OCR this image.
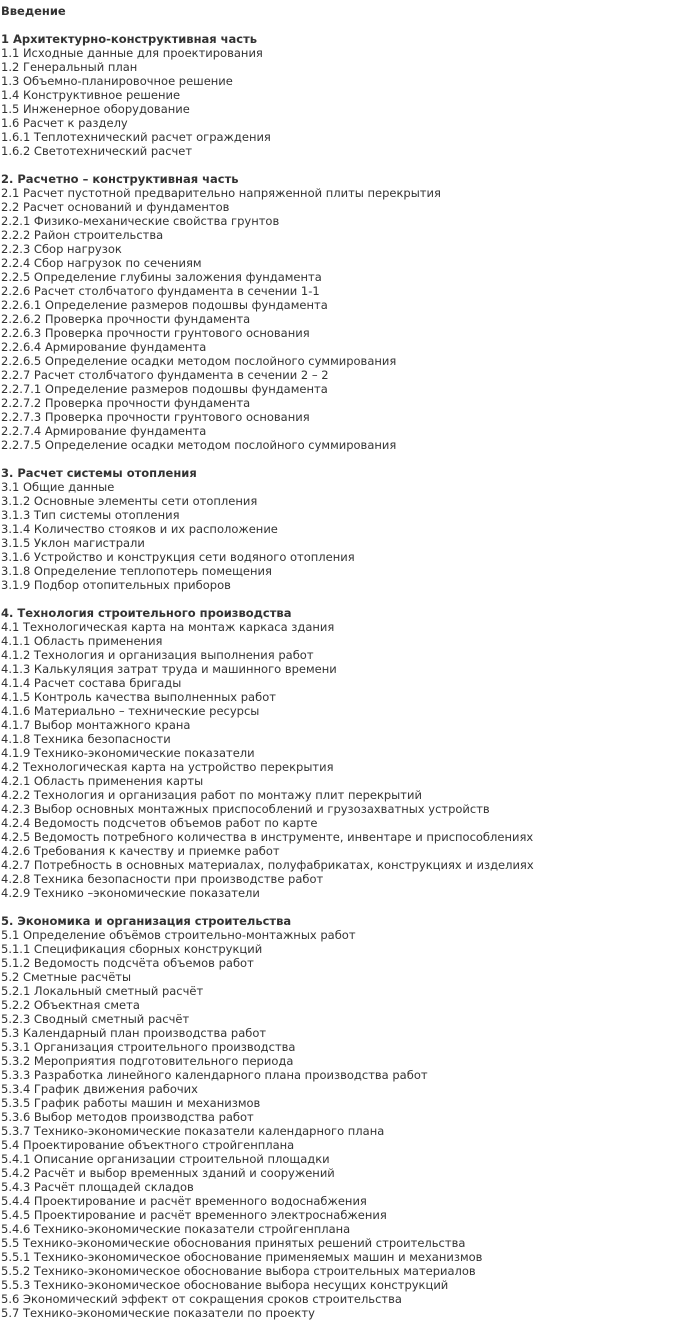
Введение
1 Архитектурно-конструктивная часть
1.1 Исходные данные для проектирования
1.2 Генеральный план
1.3 Объемно-планировочное решение
1.4 Конструктивное решение
1.5 Инженерное оборудование
1.6 Расчет к разделу
1.6.1 Теплотехнический расчет ограждения
1.6.2 Светотехнический расчет
2. Расчетно – конструктивная часть
2.1 Расчет пустотной предварительно напряженной плиты перекрытия
2.2 Расчет оснований и фундаментов
2.2.1 Физико-механические свойства грунтов
2.2.2 Район строительства
2.2.3 Сбор нагрузок
2.2.4 Сбор нагрузок по сечениям
2.2.5 Определение глубины заложения фундамента
2.2.6 Расчет столбчатого фундамента в сечении 1-1
2.2.6.1 Определение размеров подошвы фундамента
2.2.6.2 Проверка прочности фундамента
2.2.6.3 Проверка прочности грунтового основания
2.2.6.4 Армирование фундамента
2.2.6.5 Определение осадки методом послойного суммирования
2.2.7 Расчет столбчатого фундамента в сечении 2 – 2
2.2.7.1 Определение размеров подошвы фундамента
2.2.7.2 Проверка прочности фундамента
2.2.7.3 Проверка прочности грунтового основания
2.2.7.4 Армирование фундамента
2.2.7.5 Определение осадки методом послойного суммирования
3. Расчет системы отопления
3.1 Общие данные
3.1.2 Основные элементы сети отопления
3.1.3 Тип системы отопления
3.1.4 Количество стояков и их расположение
3.1.5 Уклон магистрали
3.1.6 Устройство и конструкция сети водяного отопления
3.1.8 Определение теплопотерь помещения
3.1.9 Подбор отопительных приборов
4. Технология строительного производства
4.1 Технологическая карта на монтаж каркаса здания
4.1.1 Область применения
4.1.2 Технология и организация выполнения работ
4.1.3 Калькуляция затрат труда и машинного времени
4.1.4 Расчет состава бригады
4.1.5 Контроль качества выполненных работ
4.1.6 Материально – технические ресурсы
4.1.7 Выбор монтажного крана
4.1.8 Техника безопасности
4.1.9 Технико-экономические показатели
4.2 Технологическая карта на устройство перекрытия
4.2.1 Область применения карты
4.2.2 Технология и организация работ по монтажу плит перекрытий
4.2.3 Выбор основных монтажных приспособлений и грузозахватных устройств
4.2.4 Ведомость подсчетов объемов работ по карте
4.2.5 Ведомость потребного количества в инструменте, инвентаре и приспособлениях
4.2.6 Требования к качеству и приемке работ
4.2.7 Потребность в основных материалах, полуфабрикатах, конструкциях и изделиях
4.2.8 Техника безопасности при производстве работ
4.2.9 Технико –экономические показатели
5. Экономика и организация строительства
5.1 Определение объёмов строительно-монтажных работ
5.1.1 Спецификация сборных конструкций
5.1.2 Ведомость подсчёта объемов работ
5.2 Сметные расчёты
5.2.1 Локальный сметный расчёт
5.2.2 Объектная смета
5.2.3 Сводный сметный расчёт
5.3 Календарный план производства работ
5.3.1 Организация строительного производства
5.3.2 Мероприятия подготовительного периода
5.3.3 Разработка линейного календарного плана производства работ
5.3.4 График движения рабочих
5.3.5 График работы машин и механизмов
5.3.6 Выбор методов производства работ
5.3.7 Технико-экономические показатели календарного плана
5.4 Проектирование объектного стройгенплана
5.4.1 Описание организации строительной площадки
5.4.2 Расчёт и выбор временных зданий и сооружений
5.4.3 Расчёт площадей складов
5.4.4 Проектирование и расчёт временного водоснабжения
5.4.5 Проектирование и расчёт временного электроснабжения
5.4.6 Технико-экономические показатели стройгенплана
5.5 Технико-экономические обоснования принятых решений строительства
5.5.1 Технико-экономическое обоснование применяемых машин и механизмов
5.5.2 Технико-экономическое обоснование выбора строительных материалов
5.5.3 Технико-экономическое обоснование выбора несущих конструкций
5.6 Экономический эффект от сокращения сроков строительства
5.7 Технико-экономические показатели по проекту
